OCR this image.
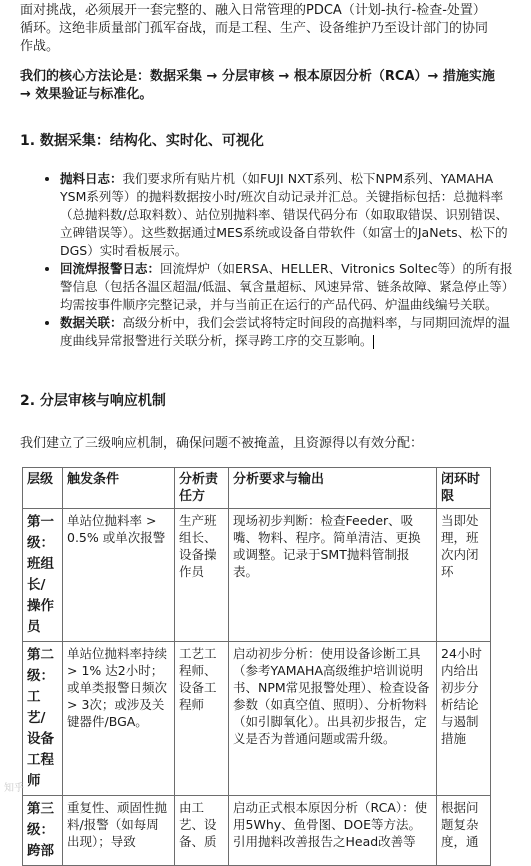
面对挑战，必须展开一套完整的、融入日常管理的PDCA（计划-执行-检查-处置）循环。这绝非质量部门孤军奋战，而是工程、生产、设备维护乃至设计部门的协同作战。

我们的核心方法论是：数据采集 → 分层审核 → 根本原因分析（RCA）→ 措施实施 → 效果验证与标准化。

1. 数据采集：结构化、实时化、可视化
• 抛料日志：我们要求所有贴片机（如FUJI NXT系列、松下NPM系列、YAMAHA YSM系列等）的抛料数据按小时/班次自动记录并汇总。关键指标包括：总抛料率（总抛料数/总取料数）、站位别抛料率、错误代码分布（如取取错误、识别错误、立碑错误等）。这些数据通过MES系统或设备自带软件（如富士的JaNets、松下的DGS）实时看板展示。
• 回流焊报警日志：回流焊炉（如ERSA、HELLER、Vitronics Soltec等）的所有报警信息（包括各温区超温/低温、氧含量超标、风速异常、链条故障、紧急停止等）均需按事件顺序完整记录，并与当前正在运行的产品代码、炉温曲线编号关联。
• 数据关联：高级分析中，我们会尝试将特定时间段的高抛料率，与同期回流焊的温度曲线异常报警进行关联分析，探寻跨工序的交互影响。
2. 分层审核与响应机制

我们建立了三级响应机制，确保问题不被掩盖，且资源得以有效分配：

层级	触发条件	分析责任方	分析要求与输出	闭环时限
第一级：班组长/操作员	单站位抛料率 > 0.5% 或单次报警	生产班组长、设备操作员	现场初步判断：检查Feeder、吸嘴、物料、程序。简单清洁、更换或调整。记录于SMT抛料管制报表。	当即处理，班次内闭环
第二级：工艺/设备工程师	单站位抛料率持续 > 1% 达2小时；或单类报警日频次 > 3次；或涉及关键器件/BGA。	工艺工程师、设备工程师	启动初步分析：使用设备诊断工具（参考YAMAHA高级维护培训说明书、NPM常见报警处理）、检查设备参数（如真空值、照明）、分析物料（如引脚氧化）。出具初步报告，定义是否为普通问题或需升级。	24小时内给出初步分析结论与遏制措施
第三级：跨部	重复性、顽固性抛料/报警（如每周出现）；导致	由工艺、设备、质	启动正式根本原因分析（RCA）：使用5Why、鱼骨图、DOE等方法。引用抛料改善报告之Head改善等	根据问题复杂度，通
知乎
